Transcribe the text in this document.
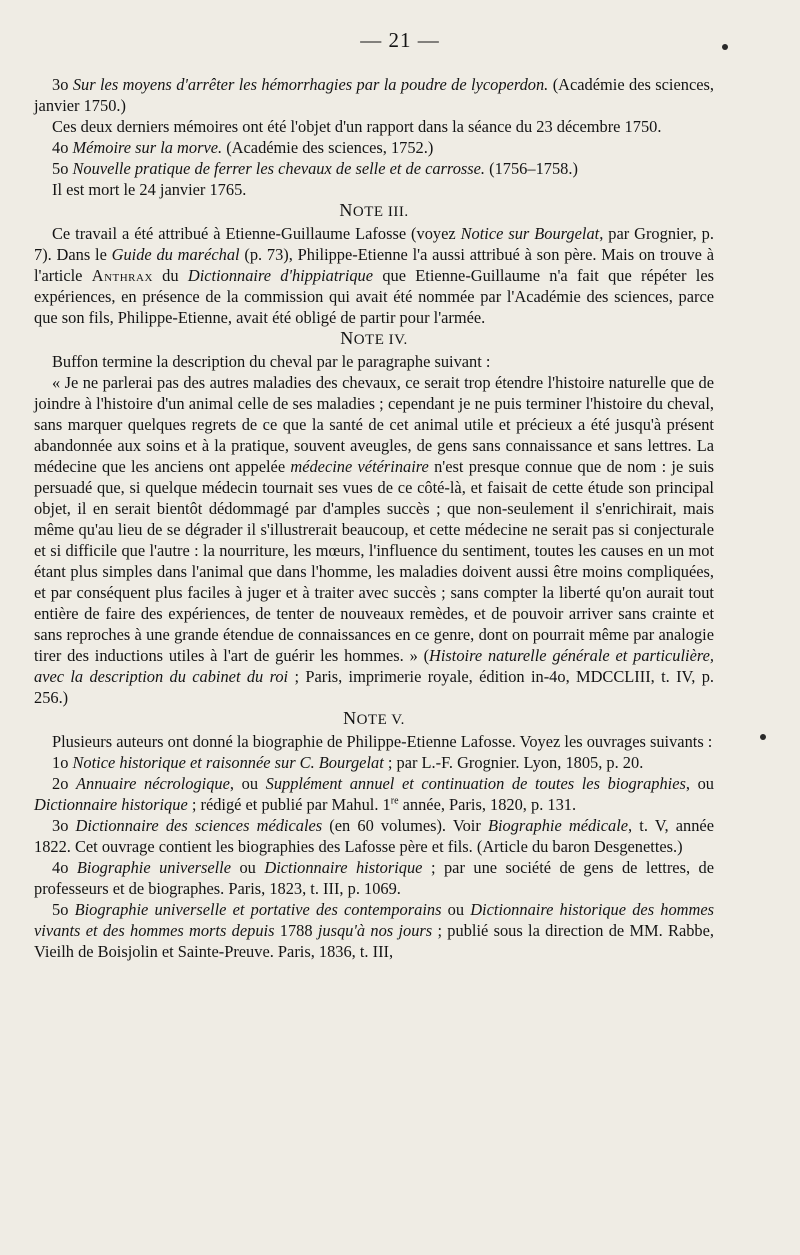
— 21 —

3o Sur les moyens d'arrêter les hémorrhagies par la poudre de lycoperdon. (Académie des sciences, janvier 1750.)

Ces deux derniers mémoires ont été l'objet d'un rapport dans la séance du 23 décembre 1750.

4o Mémoire sur la morve. (Académie des sciences, 1752.)

5o Nouvelle pratique de ferrer les chevaux de selle et de carrosse. (1756–1758.)

Il est mort le 24 janvier 1765.

NOTE III.

Ce travail a été attribué à Etienne-Guillaume Lafosse (voyez Notice sur Bourgelat, par Grognier, p. 7). Dans le Guide du maréchal (p. 73), Philippe-Etienne l'a aussi attribué à son père. Mais on trouve à l'article Anthrax du Dictionnaire d'hippiatrique que Etienne-Guillaume n'a fait que répéter les expériences, en présence de la commission qui avait été nommée par l'Académie des sciences, parce que son fils, Philippe-Etienne, avait été obligé de partir pour l'armée.

NOTE IV.

Buffon termine la description du cheval par le paragraphe suivant :

« Je ne parlerai pas des autres maladies des chevaux, ce serait trop étendre l'histoire naturelle que de joindre à l'histoire d'un animal celle de ses maladies ; cependant je ne puis terminer l'histoire du cheval, sans marquer quelques regrets de ce que la santé de cet animal utile et précieux a été jusqu'à présent abandonnée aux soins et à la pratique, souvent aveugles, de gens sans connaissance et sans lettres. La médecine que les anciens ont appelée médecine vétérinaire n'est presque connue que de nom : je suis persuadé que, si quelque médecin tournait ses vues de ce côté-là, et faisait de cette étude son principal objet, il en serait bientôt dédommagé par d'amples succès ; que non-seulement il s'enrichirait, mais même qu'au lieu de se dégrader il s'illustrerait beaucoup, et cette médecine ne serait pas si conjecturale et si difficile que l'autre : la nourriture, les mœurs, l'influence du sentiment, toutes les causes en un mot étant plus simples dans l'animal que dans l'homme, les maladies doivent aussi être moins compliquées, et par conséquent plus faciles à juger et à traiter avec succès ; sans compter la liberté qu'on aurait tout entière de faire des expériences, de tenter de nouveaux remèdes, et de pouvoir arriver sans crainte et sans reproches à une grande étendue de connaissances en ce genre, dont on pourrait même par analogie tirer des inductions utiles à l'art de guérir les hommes. » (Histoire naturelle générale et particulière, avec la description du cabinet du roi ; Paris, imprimerie royale, édition in-4o, MDCCLIII, t. IV, p. 256.)

NOTE V.

Plusieurs auteurs ont donné la biographie de Philippe-Etienne Lafosse. Voyez les ouvrages suivants :

1o Notice historique et raisonnée sur C. Bourgelat ; par L.-F. Grognier. Lyon, 1805, p. 20.

2o Annuaire nécrologique, ou Supplément annuel et continuation de toutes les biographies, ou Dictionnaire historique ; rédigé et publié par Mahul. 1re année, Paris, 1820, p. 131.

3o Dictionnaire des sciences médicales (en 60 volumes). Voir Biographie médicale, t. V, année 1822. Cet ouvrage contient les biographies des Lafosse père et fils. (Article du baron Desgenettes.)

4o Biographie universelle ou Dictionnaire historique ; par une société de gens de lettres, de professeurs et de biographes. Paris, 1823, t. III, p. 1069.

5o Biographie universelle et portative des contemporains ou Dictionnaire historique des hommes vivants et des hommes morts depuis 1788 jusqu'à nos jours ; publié sous la direction de MM. Rabbe, Vieilh de Boisjolin et Sainte-Preuve. Paris, 1836, t. III,
